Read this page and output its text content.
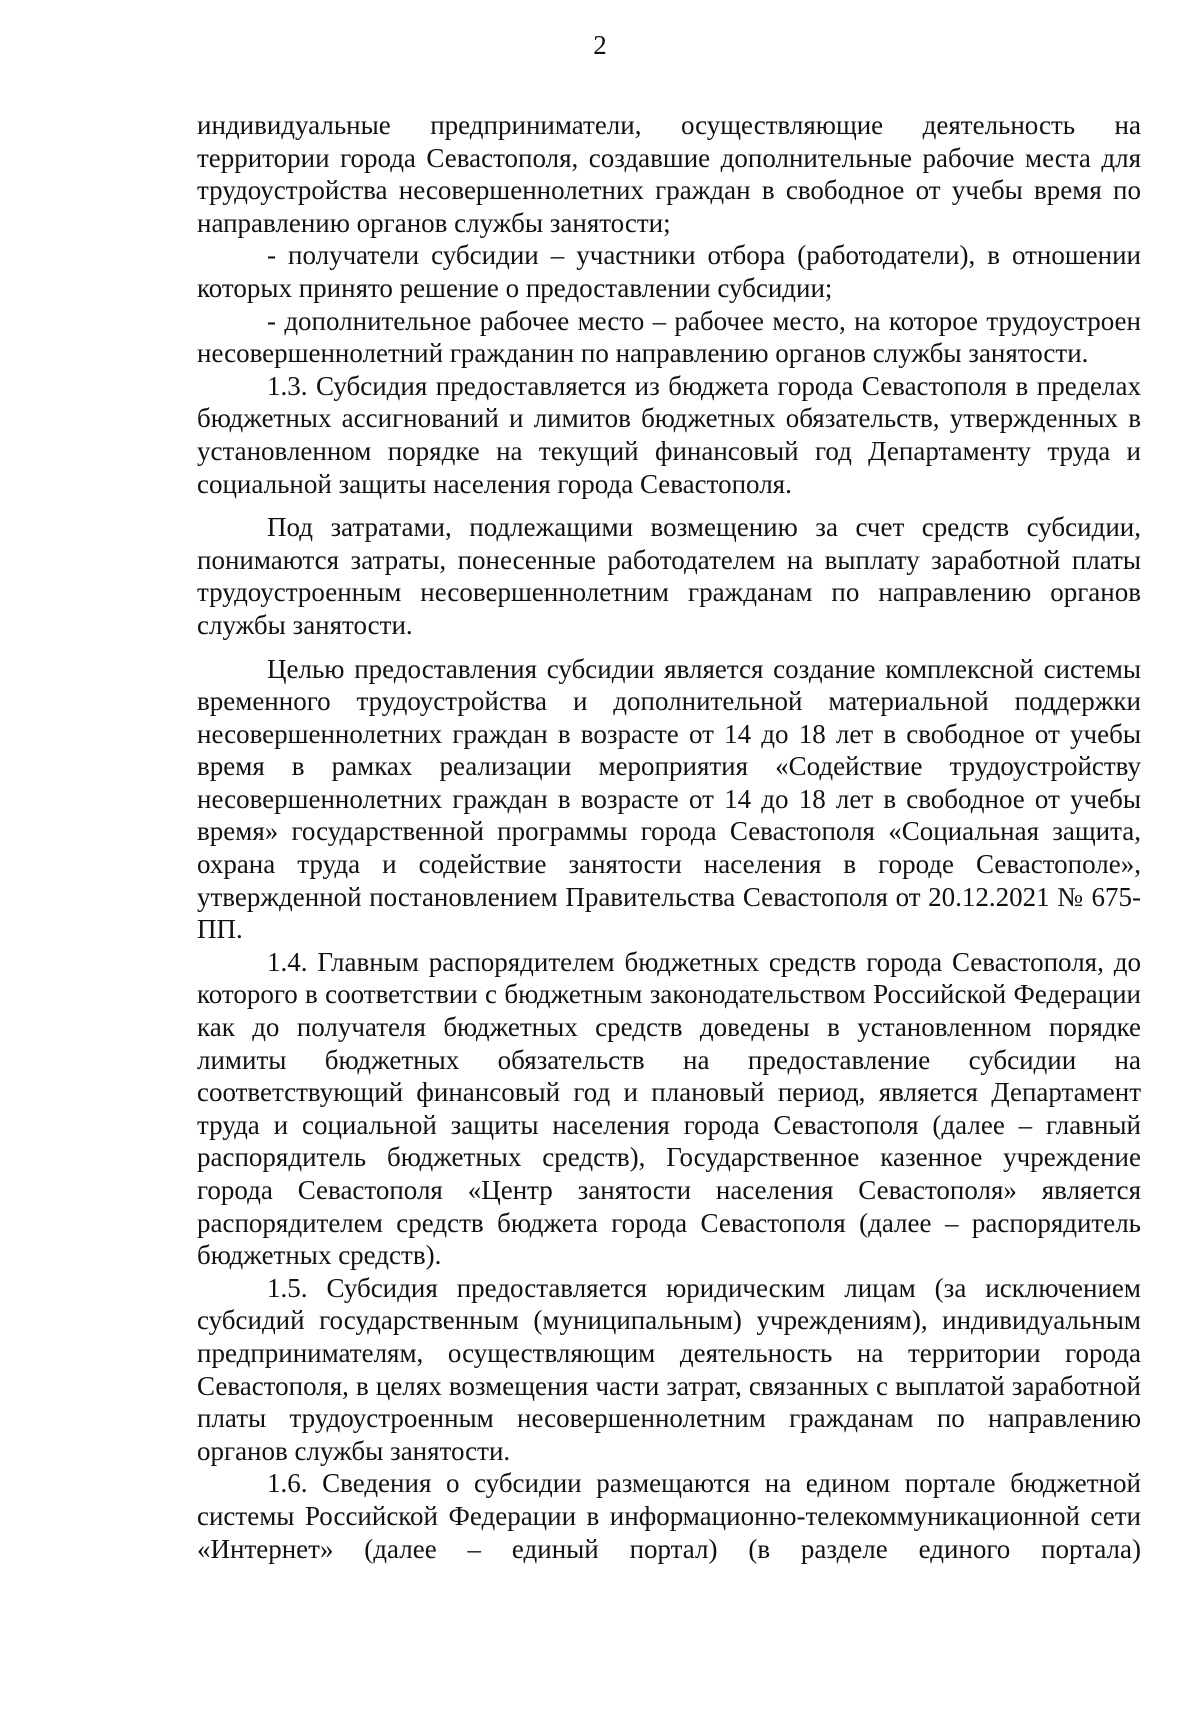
2

индивидуальные предприниматели, осуществляющие деятельность на территории города Севастополя, создавшие дополнительные рабочие места для трудоустройства несовершеннолетних граждан в свободное от учебы время по направлению органов службы занятости;

- получатели субсидии – участники отбора (работодатели), в отношении которых принято решение о предоставлении субсидии;

- дополнительное рабочее место – рабочее место, на которое трудоустроен несовершеннолетний гражданин по направлению органов службы занятости.

1.3. Субсидия предоставляется из бюджета города Севастополя в пределах бюджетных ассигнований и лимитов бюджетных обязательств, утвержденных в установленном порядке на текущий финансовый год Департаменту труда и социальной защиты населения города Севастополя.

Под затратами, подлежащими возмещению за счет средств субсидии, понимаются затраты, понесенные работодателем на выплату заработной платы трудоустроенным несовершеннолетним гражданам по направлению органов службы занятости.

Целью предоставления субсидии является создание комплексной системы временного трудоустройства и дополнительной материальной поддержки несовершеннолетних граждан в возрасте от 14 до 18 лет в свободное от учебы время в рамках реализации мероприятия «Содействие трудоустройству несовершеннолетних граждан в возрасте от 14 до 18 лет в свободное от учебы время» государственной программы города Севастополя «Социальная защита, охрана труда и содействие занятости населения в городе Севастополе», утвержденной постановлением Правительства Севастополя от 20.12.2021 № 675-ПП.

1.4. Главным распорядителем бюджетных средств города Севастополя, до которого в соответствии с бюджетным законодательством Российской Федерации как до получателя бюджетных средств доведены в установленном порядке лимиты бюджетных обязательств на предоставление субсидии на соответствующий финансовый год и плановый период, является Департамент труда и социальной защиты населения города Севастополя (далее – главный распорядитель бюджетных средств), Государственное казенное учреждение города Севастополя «Центр занятости населения Севастополя» является распорядителем средств бюджета города Севастополя (далее – распорядитель бюджетных средств).

1.5. Субсидия предоставляется юридическим лицам (за исключением субсидий государственным (муниципальным) учреждениям), индивидуальным предпринимателям, осуществляющим деятельность на территории города Севастополя, в целях возмещения части затрат, связанных с выплатой заработной платы трудоустроенным несовершеннолетним гражданам по направлению органов службы занятости.

1.6. Сведения о субсидии размещаются на едином портале бюджетной системы Российской Федерации в информационно-телекоммуникационной сети «Интернет» (далее – единый портал) (в разделе единого портала)
